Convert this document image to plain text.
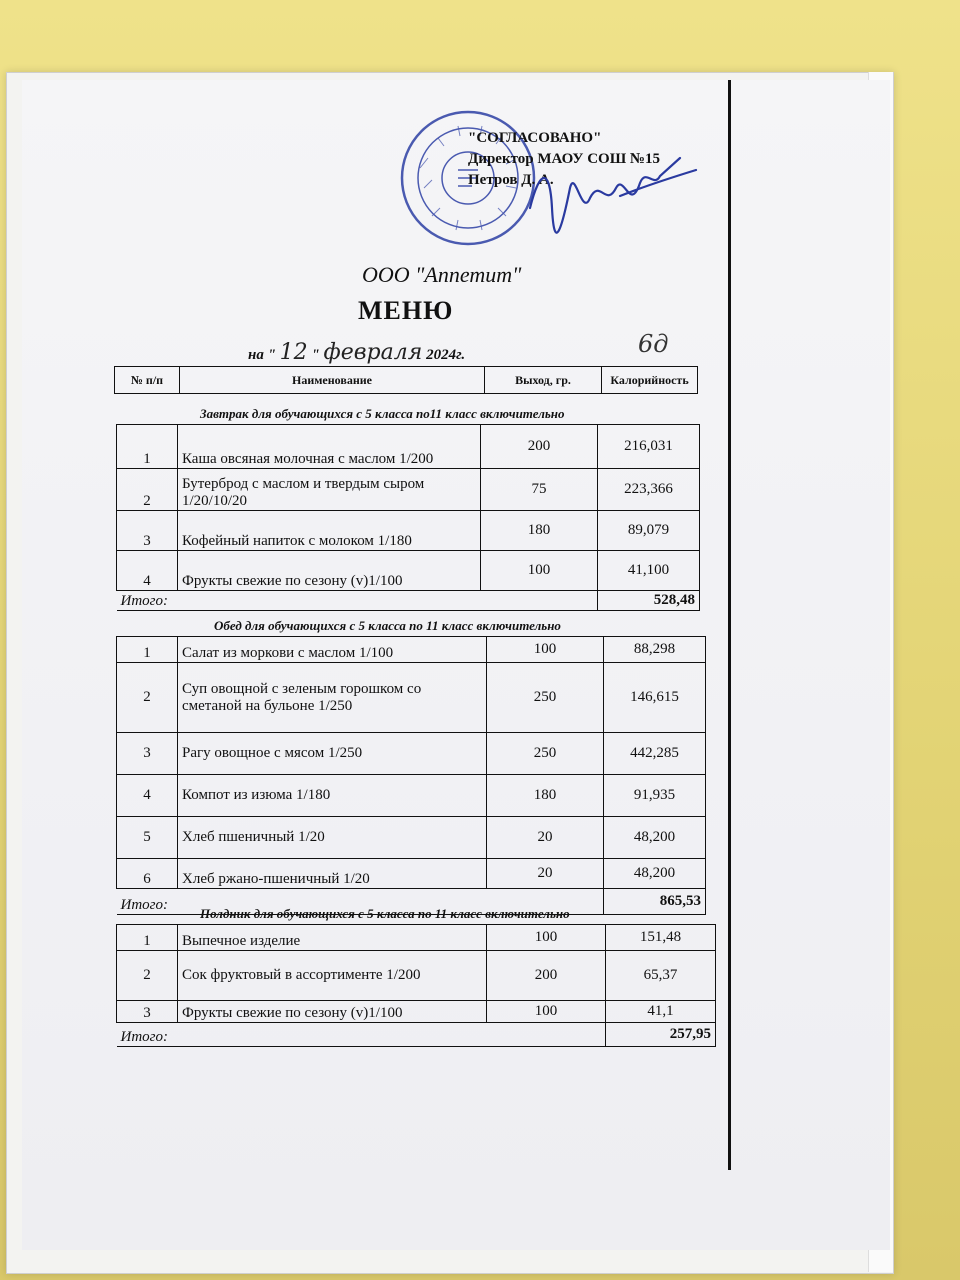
"СОГЛАСОВАНО"
Директор МАОУ СОШ №15
Петров Д. А.
ООО "Аппетит"
МЕНЮ
на " 12 " февраля 2024г.	6д
№ п/п	Наименование	Выход, гр.	Калорийность
Завтрак для обучающихся с 5 класса по11 класс включительно
1	Каша овсяная молочная с маслом 1/200	200	216,031
2	Бутерброд с маслом и твердым сыром 1/20/10/20	75	223,366
3	Кофейный напиток с молоком 1/180	180	89,079
4	Фрукты свежие по сезону (v)1/100	100	41,100
Итого:			528,48
Обед для обучающихся с 5 класса по 11 класс включительно
1	Салат из моркови с маслом 1/100	100	88,298
2	Суп овощной с зеленым горошком со сметаной на бульоне 1/250	250	146,615
3	Рагу овощное с мясом 1/250	250	442,285
4	Компот из изюма 1/180	180	91,935
5	Хлеб пшеничный 1/20	20	48,200
6	Хлеб ржано-пшеничный 1/20	20	48,200
Итого:			865,53
Полдник для обучающихся с 5 класса по 11 класс включительно
1	Выпечное изделие	100	151,48
2	Сок фруктовый в ассортименте 1/200	200	65,37
3	Фрукты свежие по сезону (v)1/100	100	41,1
Итого:			257,95
